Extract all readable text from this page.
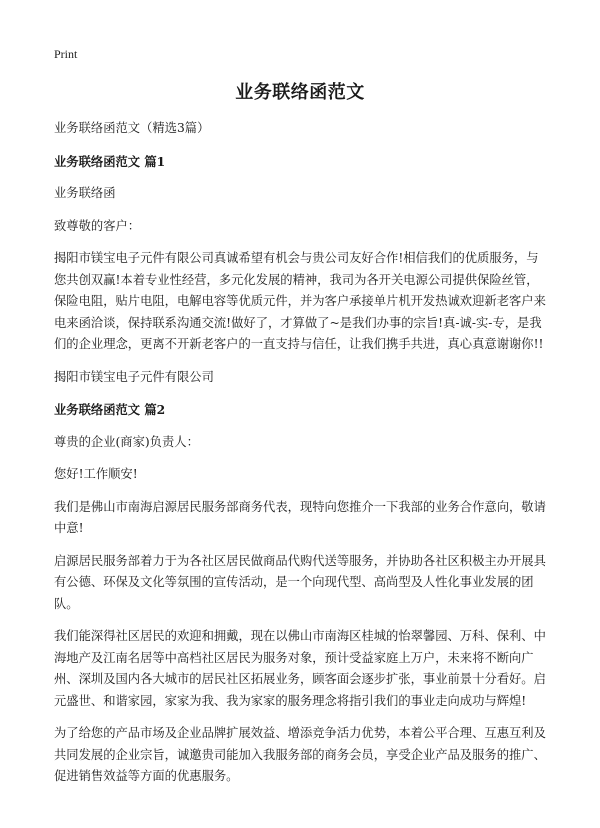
Print
业务联络函范文

业务联络函范文（精选3篇）

业务联络函范文 篇1

业务联络函

致尊敬的客户：

揭阳市镁宝电子元件有限公司真诚希望有机会与贵公司友好合作!相信我们的优质服务，与您共创双赢!本着专业性经营，多元化发展的精神，我司为各开关电源公司提供保险丝管，保险电阻，贴片电阻，电解电容等优质元件，并为客户承接单片机开发热诚欢迎新老客户来电来函洽谈，保持联系沟通交流!做好了，才算做了~是我们办事的宗旨!真-诚-实-专，是我们的企业理念，更离不开新老客户的一直支持与信任，让我们携手共进，真心真意谢谢你!!

揭阳市镁宝电子元件有限公司

业务联络函范文 篇2

尊贵的企业(商家)负责人：

您好!工作顺安!

我们是佛山市南海启源居民服务部商务代表，现特向您推介一下我部的业务合作意向，敬请中意!

启源居民服务部着力于为各社区居民做商品代购代送等服务，并协助各社区积极主办开展具有公德、环保及文化等氛围的宣传活动，是一个向现代型、高尚型及人性化事业发展的团队。

我们能深得社区居民的欢迎和拥戴，现在以佛山市南海区桂城的怡翠馨园、万科、保利、中海地产及江南名居等中高档社区居民为服务对象，预计受益家庭上万户，未来将不断向广州、深圳及国内各大城市的居民社区拓展业务，顾客面会逐步扩张，事业前景十分看好。启元盛世、和谐家园，家家为我、我为家家的服务理念将指引我们的事业走向成功与辉煌!

为了给您的产品市场及企业品牌扩展效益、增添竞争活力优势，本着公平合理、互惠互利及共同发展的企业宗旨，诚邀贵司能加入我服务部的商务会员，享受企业产品及服务的推广、促进销售效益等方面的优惠服务。
